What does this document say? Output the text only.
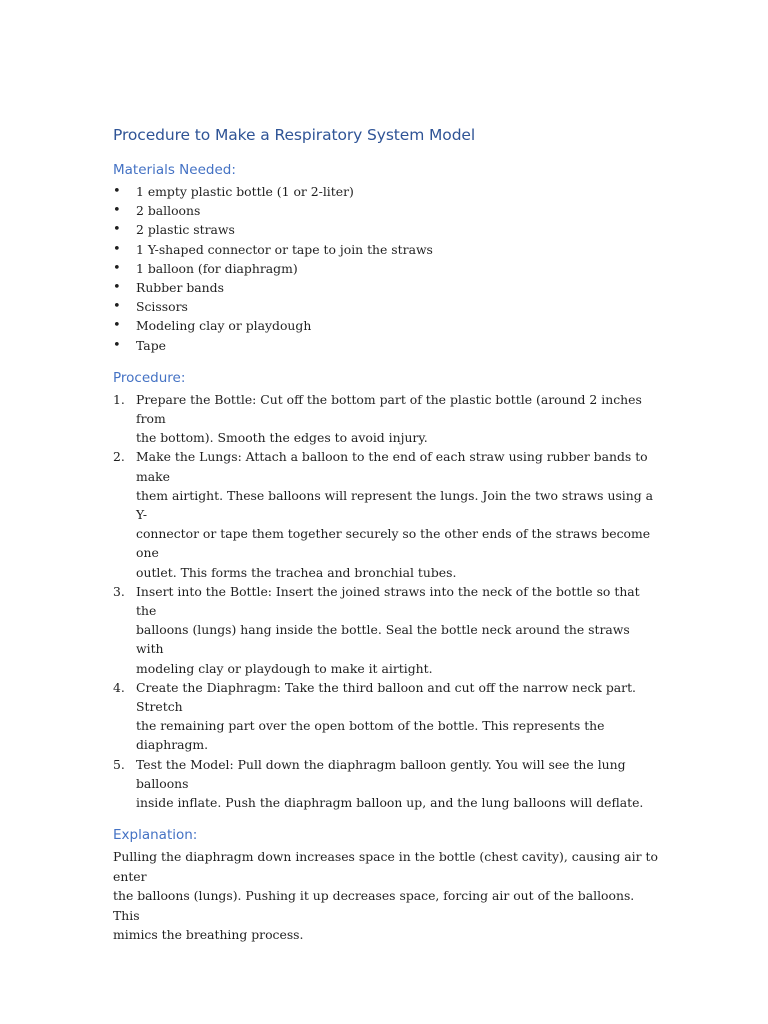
Procedure to Make a Respiratory System Model
Materials Needed:
• 1 empty plastic bottle (1 or 2-liter)
• 2 balloons
• 2 plastic straws
• 1 Y-shaped connector or tape to join the straws
• 1 balloon (for diaphragm)
• Rubber bands
• Scissors
• Modeling clay or playdough
• Tape
Procedure:
1. Prepare the Bottle: Cut off the bottom part of the plastic bottle (around 2 inches from
the bottom). Smooth the edges to avoid injury.
2. Make the Lungs: Attach a balloon to the end of each straw using rubber bands to make
them airtight. These balloons will represent the lungs. Join the two straws using a Y-
connector or tape them together securely so the other ends of the straws become one
outlet. This forms the trachea and bronchial tubes.
3. Insert into the Bottle: Insert the joined straws into the neck of the bottle so that the
balloons (lungs) hang inside the bottle. Seal the bottle neck around the straws with
modeling clay or playdough to make it airtight.
4. Create the Diaphragm: Take the third balloon and cut off the narrow neck part. Stretch
the remaining part over the open bottom of the bottle. This represents the diaphragm.
5. Test the Model: Pull down the diaphragm balloon gently. You will see the lung balloons
inside inflate. Push the diaphragm balloon up, and the lung balloons will deflate.
Explanation:

Pulling the diaphragm down increases space in the bottle (chest cavity), causing air to enter
the balloons (lungs). Pushing it up decreases space, forcing air out of the balloons. This
mimics the breathing process.
